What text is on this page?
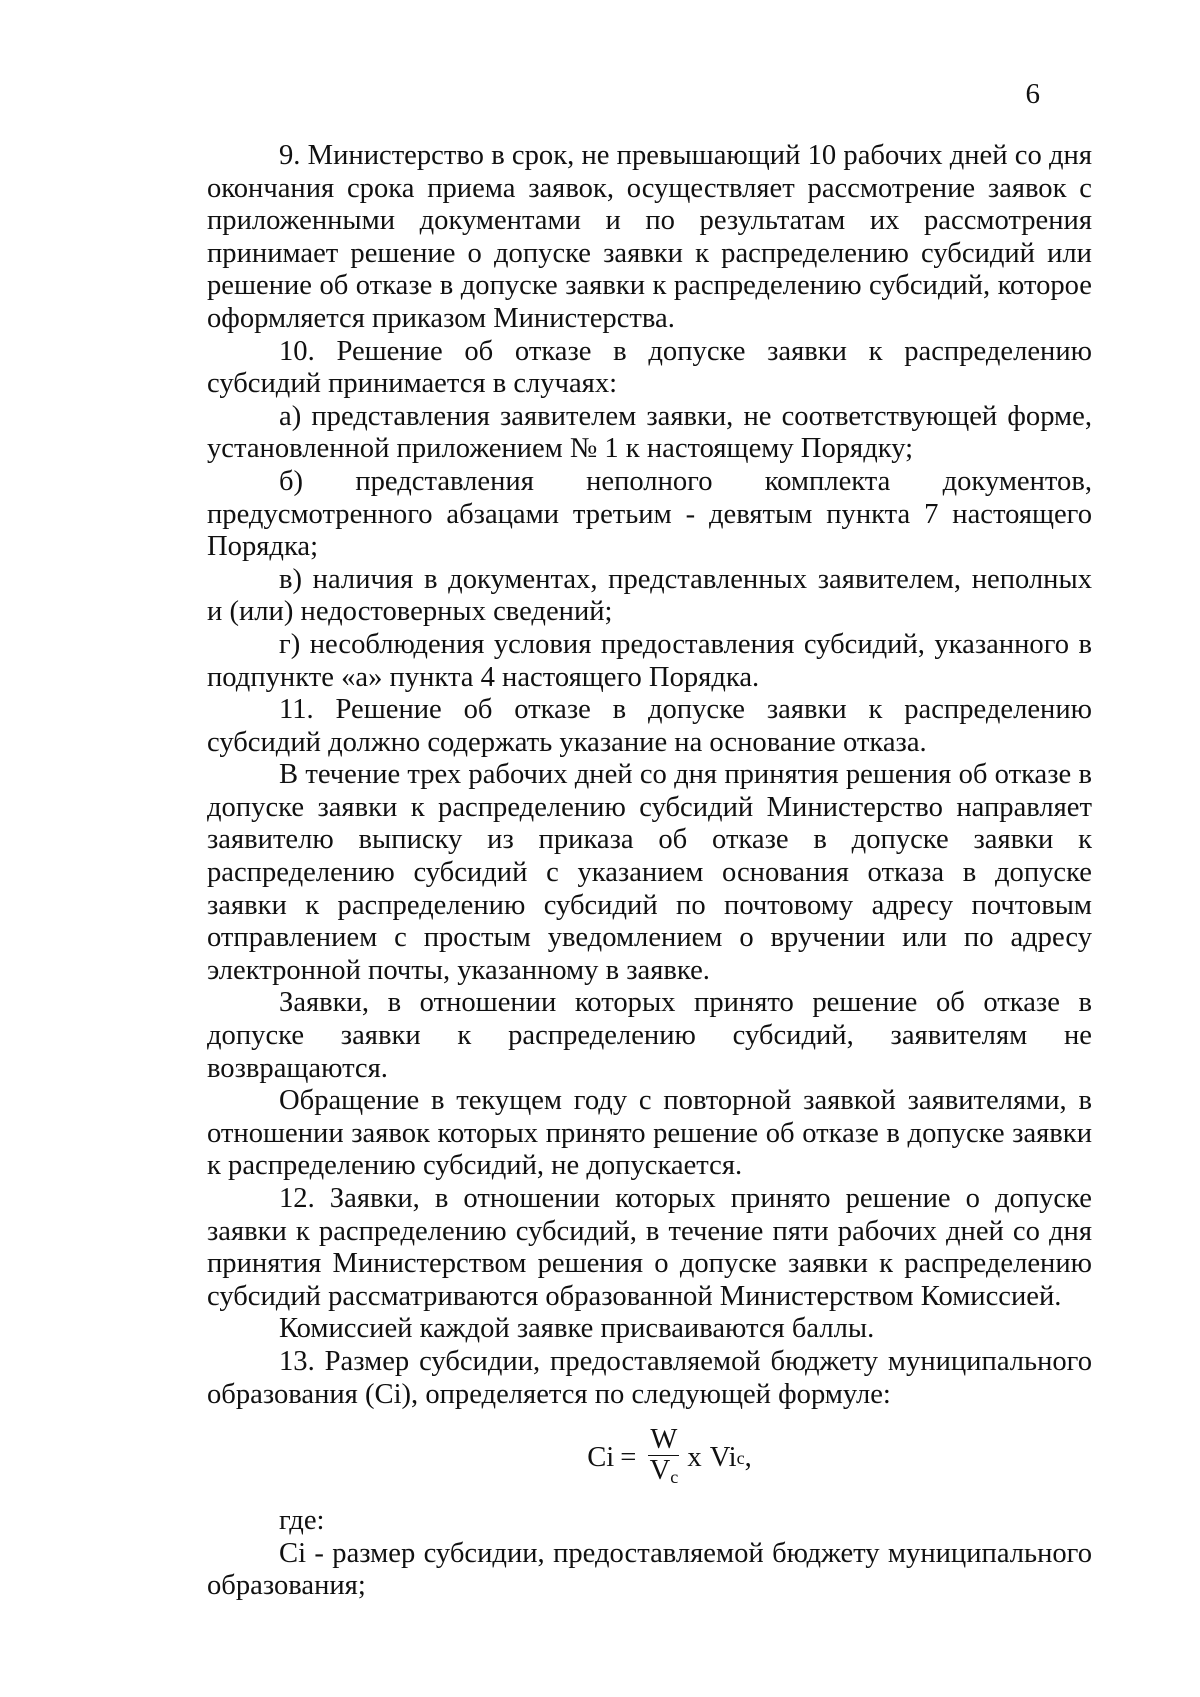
6

9. Министерство в срок, не превышающий 10 рабочих дней со дня окончания срока приема заявок, осуществляет рассмотрение заявок с приложенными документами и по результатам их рассмотрения принимает решение о допуске заявки к распределению субсидий или решение об отказе в допуске заявки к распределению субсидий, которое оформляется приказом Министерства.

10. Решение об отказе в допуске заявки к распределению субсидий принимается в случаях:

а) представления заявителем заявки, не соответствующей форме, установленной приложением № 1 к настоящему Порядку;

б) представления неполного комплекта документов, предусмотренного абзацами третьим - девятым пункта 7 настоящего Порядка;

в) наличия в документах, представленных заявителем, неполных и (или) недостоверных сведений;

г) несоблюдения условия предоставления субсидий, указанного в подпункте «а» пункта 4 настоящего Порядка.

11. Решение об отказе в допуске заявки к распределению субсидий должно содержать указание на основание отказа.

В течение трех рабочих дней со дня принятия решения об отказе в допуске заявки к распределению субсидий Министерство направляет заявителю выписку из приказа об отказе в допуске заявки к распределению субсидий с указанием основания отказа в допуске заявки к распределению субсидий по почтовому адресу почтовым отправлением с простым уведомлением о вручении или по адресу электронной почты, указанному в заявке.

Заявки, в отношении которых принято решение об отказе в допуске заявки к распределению субсидий, заявителям не возвращаются.

Обращение в текущем году с повторной заявкой заявителями, в отношении заявок которых принято решение об отказе в допуске заявки к распределению субсидий, не допускается.

12. Заявки, в отношении которых принято решение о допуске заявки к распределению субсидий, в течение пяти рабочих дней со дня принятия Министерством решения о допуске заявки к распределению субсидий рассматриваются образованной Министерством Комиссией.

Комиссией каждой заявке присваиваются баллы.

13. Размер субсидии, предоставляемой бюджету муниципального образования (Ci), определяется по следующей формуле:

$Ci = \frac{W}{V_c}$ x Vi c ,

где:

Ci - размер субсидии, предоставляемой бюджету муниципального образования;
